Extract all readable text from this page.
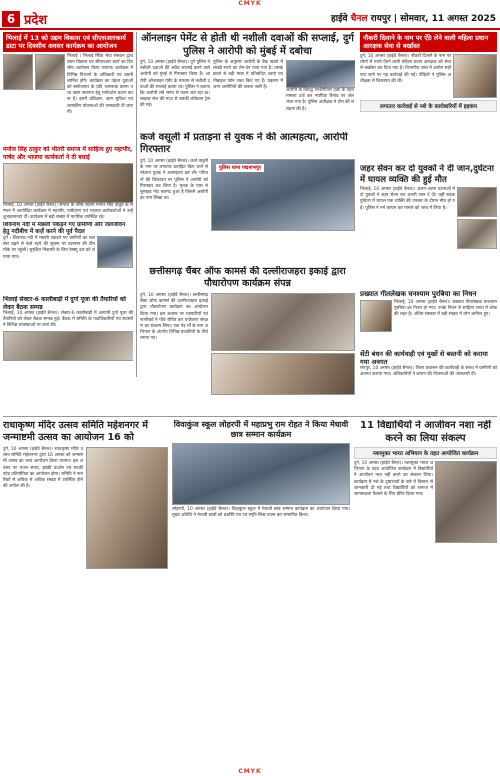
CMYK
6 प्रदेश	हाईवे चैनल रायपुर | सोमवार, 11 अगस्त 2025
भिलाई में 13 को उद्यम विकास एवं सीएसआरकार्य डाटा पर दिवसीय अवसर कार्यक्रम का आयोजन
भिलाई । भिलाई स्थित सेवा संस्थान द्वारा उद्यम विकास एवं सीएसआर कार्य का दिवसीय आयोजन किया जाएगा। कार्यक्रम में विभिन्न विभागों के अधिकारी एवं उद्यमी शामिल होंगे। कार्यक्रम का उद्देश्य युवाओं को स्वरोजगार के प्रति जागरूक करना तथा उद्यम स्थापना हेतु मार्गदर्शन प्रदान करना है। इसमें प्रशिक्षण, ऋण सुविधा एवं शासकीय योजनाओं की जानकारी दी जाएगी।
मनोज सिंह ठाकुर को भीतरी समाज में साहित्य हुए महापौर, पार्षद और भाजपा कार्यकर्ता ने दी बधाई
भिलाई, 10 अगस्त (हाईवे चैनल)। समाज के वरिष्ठ सदस्य मनोज सिंह ठाकुर के सम्मान में आयोजित कार्यक्रम में महापौर, पार्षदगण एवं भाजपा कार्यकर्ताओं ने उन्हें शुभकामनाएं दीं। कार्यक्रम में बड़ी संख्या में नागरिक उपस्थित रहे।
शिवनाथ नदी में मछली पकड़ने गए ग्रामीणों और जलजीवन हेतु नदीबीच में कर्ज़े करने की पूर्व पैदल
दुर्ग । शिवनाथ नदी में मछली पकड़ने गए ग्रामीणों का जलस्तर बढ़ने से फंसे रहने की सूचना पर प्रशासन की टीम मौके पर पहुंची। सुरक्षित निकासी के लिए रेस्क्यू दल को लगाया गया।
भिलाई सेक्टर-6 कालीबाड़ी में दुर्गा पूजा की तैयारियों को लेकर बैठक सम्पन्न
भिलाई, 10 अगस्त (हाईवे चैनल)। सेक्टर-6 कालीबाड़ी में आगामी दुर्गा पूजा की तैयारियों को लेकर बैठक सम्पन्न हुई। बैठक में समिति के पदाधिकारियों एवं सदस्यों ने विभिन्न व्यवस्थाओं पर चर्चा की।
ऑनलाइन पेमेंट से होती थी नशीली दवाओं की सप्लाई, दुर्ग पुलिस ने आरोपी को मुंबई में दबोचा
दुर्ग, 10 अगस्त (हाईवे चैनल)। दुर्ग पुलिस ने नशीली दवाओं की अवैध सप्लाई करने वाले आरोपी को मुंबई से गिरफ्तार किया है। आरोपी ऑनलाइन पेमेंट के माध्यम से नशीली दवाओं की सप्लाई करता था। पुलिस ने बताया कि आरोपी लंबे समय से फरार चल रहा था। साइबर सेल की मदद से उसकी लोकेशन ट्रेस की गई।
पुलिस के अनुसार आरोपी के बैंक खातों में लाखों रुपये का लेन-देन पाया गया है। उसके कब्जे से बड़ी मात्रा में प्रतिबंधित दवाएं एवं मोबाइल फोन जब्त किए गए हैं। प्रकरण में अन्य आरोपियों की तलाश जारी है।
आरोपी के विरुद्ध एनडीपीएस एक्ट के तहत मामला दर्ज कर न्यायिक रिमांड पर जेल भेजा गया है। पुलिस अधीक्षक ने टीम की सराहना की है।
नौकरी दिलाने के नाम पर ऐंठे लेने वाली महिला प्रधान आरक्षक सेवा से बर्खास्त
दुर्ग, 10 अगस्त (हाईवे चैनल)। नौकरी दिलाने के नाम पर लोगों से रुपये ऐंठने वाली महिला प्रधान आरक्षक को सेवा से बर्खास्त कर दिया गया है। विभागीय जांच में आरोप सही पाए जाने पर यह कार्रवाई की गई। पीड़ितों ने पुलिस अधीक्षक से शिकायत की थी।
लगातार कार्रवाई से नशे के कारोबारियों में हड़कंप
कर्ज वसूली में प्रताड़ना से युवक ने की आत्महत्या, आरोपी गिरफ्तार
दुर्ग, 10 अगस्त (हाईवे चैनल)। कर्ज वसूली के नाम पर लगातार प्रताड़ित किए जाने से परेशान युवक ने आत्महत्या कर ली। परिजनों की शिकायत पर पुलिस ने आरोपी को गिरफ्तार कर लिया है। मृतक के पास से सुसाइड नोट बरामद हुआ है जिसमें आरोपी का नाम लिखा था।
पुलिस थाना पद्मनाभपुर	जहर सेवन कर दो युवकों ने दी जान,दुर्घटना में घायल व्यक्ति की हुई मौत
भिलाई, 10 अगस्त (हाईवे चैनल)। अलग-अलग घटनाओं में दो युवकों ने जहर सेवन कर अपनी जान दे दी। वहीं सड़क दुर्घटना में घायल एक व्यक्ति की उपचार के दौरान मौत हो गई। पुलिस ने मर्ग कायम कर मामले को जांच में लिया है।
प्रख्यात गीतलेखक घनश्याम पुरबिया का निधन
भिलाई, 10 अगस्त (हाईवे चैनल)। प्रख्यात गीतलेखक घनश्याम पुरबिया का निधन हो गया। उनके निधन से साहित्य जगत में शोक की लहर है। अंतिम संस्कार में बड़ी संख्या में लोग शामिल हुए।
सेंटी बंधन की कार्यवाही एवं मुखों से बस्तनी को कराया गया अवगत
रायपुर, 10 अगस्त (हाईवे चैनल)। जिला प्रशासन की कार्यवाही के संबंध में ग्रामीणों को अवगत कराया गया। अधिकारियों ने शासन की योजनाओं की जानकारी दी।
छत्तीसगढ़ चैंबर ऑफ कामर्स की दल्लीराजहरा इकाई द्वारा पौधारोपण कार्यक्रम संपन्न
दुर्ग, 10 अगस्त (हाईवे चैनल)। छत्तीसगढ़ चैंबर ऑफ कामर्स की दल्लीराजहरा इकाई द्वारा पौधारोपण कार्यक्रम का आयोजन किया गया। इस अवसर पर व्यापारियों एवं नागरिकों ने पौधे रोपित कर पर्यावरण संरक्षण का संकल्प लिया। एक पेड़ माँ के नाम अभियान के अंतर्गत विभिन्न प्रजातियों के पौधे लगाए गए।
राधाकृष्ण मंदिर उत्सव समिति महेशनगर में जन्माष्टमी उत्सव का आयोजन 16 को
दुर्ग, 10 अगस्त (हाईवे चैनल)। राधाकृष्ण मंदिर उत्सव समिति महेशनगर द्वारा 16 अगस्त को जन्माष्टमी उत्सव का भव्य आयोजन किया जाएगा। इस अवसर पर भजन संध्या, झांकी प्रदर्शन एवं मटकी फोड़ प्रतियोगिता का आयोजन होगा। समिति ने नागरिकों से अधिक से अधिक संख्या में उपस्थित होने की अपील की है।
विवाकुंज स्कूल लोहरपी में महाप्रभु राम रोहत ने किया मेधावी छात्र सम्मान कार्यक्रम
लोहरपी, 10 अगस्त (हाईवे चैनल)। विवाकुंज स्कूल में मेधावी छात्र सम्मान कार्यक्रम का आयोजन किया गया। मुख्य अतिथि ने मेधावी छात्रों को प्रशस्ति पत्र एवं स्मृति चिन्ह प्रदान कर सम्मानित किया।
11 विद्यार्थियों ने आजीवन नशा नहीं करने का लिया संकल्प
नशामुक्त भारत अभियान के तहत आयोजित कार्यक्रम
दुर्ग, 10 अगस्त (हाईवे चैनल)। नशामुक्त भारत अभियान के तहत आयोजित कार्यक्रम में विद्यार्थियों ने आजीवन नशा नहीं करने का संकल्प लिया। कार्यक्रम में नशे के दुष्प्रभावों के बारे में विस्तार से जानकारी दी गई तथा विद्यार्थियों को समाज में जागरूकता फैलाने के लिए प्रेरित किया गया।
CMYK
